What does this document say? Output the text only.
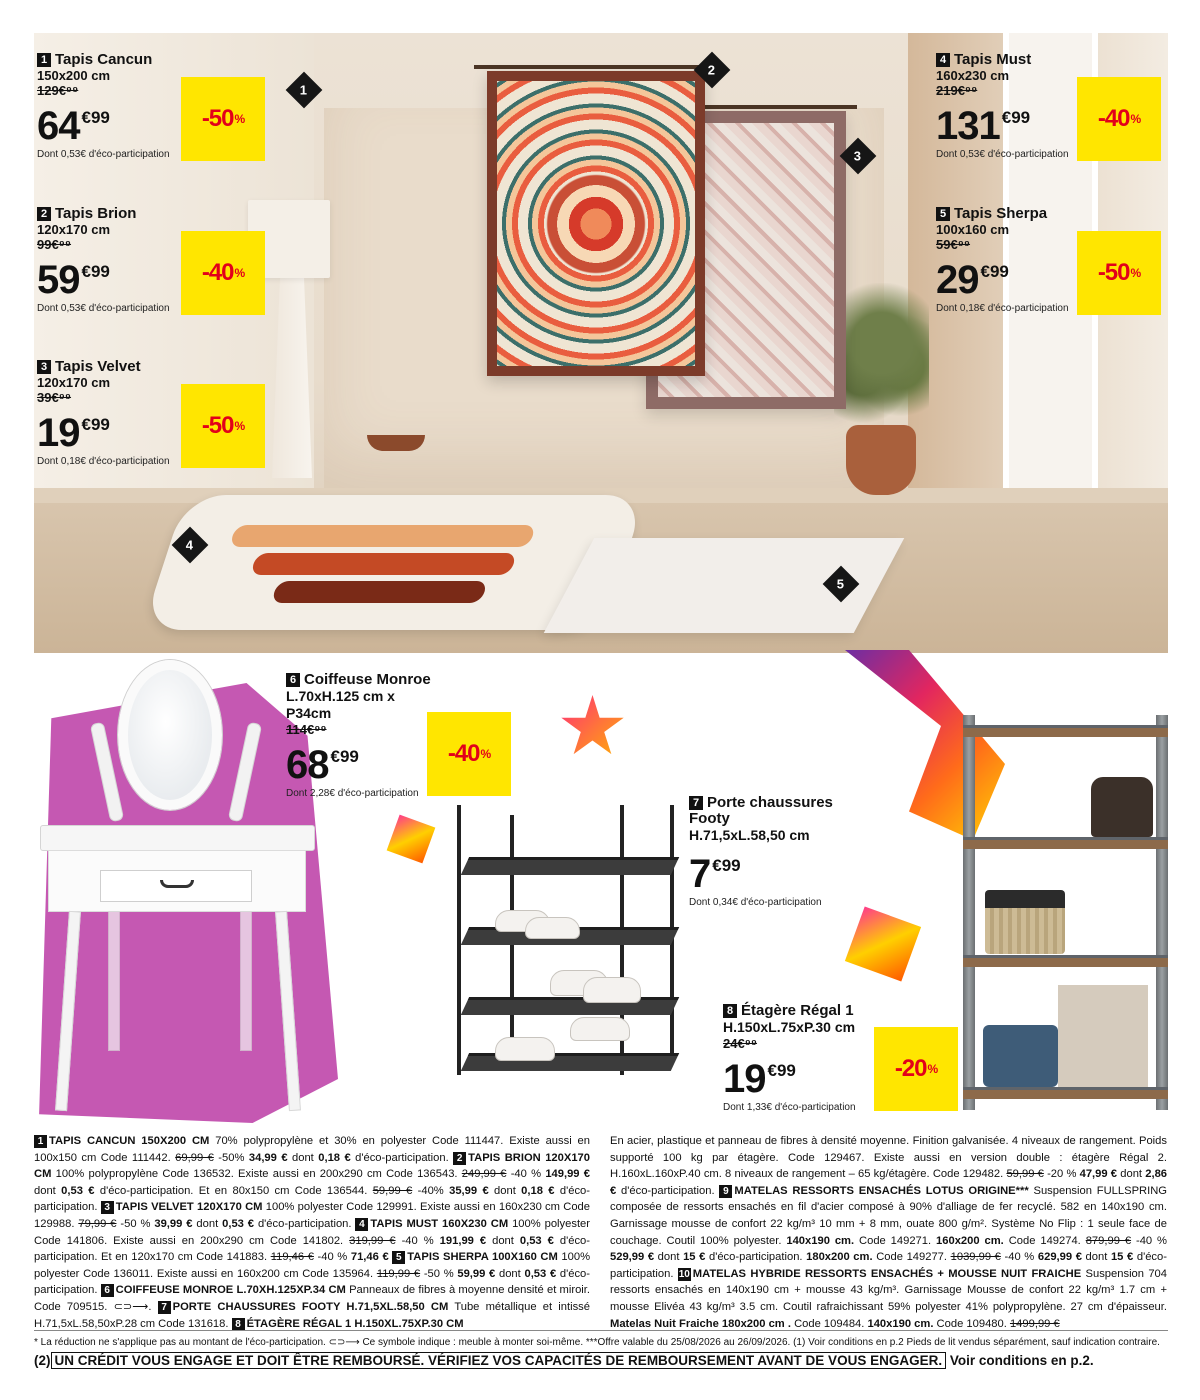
1
2
3
4
5
1 Tapis Cancun
150x200 cm
129€⁹⁹
64 $^{€99}$
Dont 0,53€ d'éco-participation
-50 %
2 Tapis Brion
120x170 cm
99€⁹⁹
59 $^{€99}$
Dont 0,53€ d'éco-participation
-40 %
3 Tapis Velvet
120x170 cm
39€⁹⁹
19 $^{€99}$
Dont 0,18€ d'éco-participation
-50 %
4 Tapis Must
160x230 cm
219€⁹⁹
131 $^{€99}$
Dont 0,53€ d'éco-participation
-40 %
5 Tapis Sherpa
100x160 cm
59€⁹⁹
29 $^{€99}$
Dont 0,18€ d'éco-participation
-50 %
6 Coiffeuse Monroe
L.70xH.125 cm x P34cm
114€⁹⁹
68 $^{€99}$
Dont 2,28€ d'éco-participation
-40 %
7 Porte chaussures Footy
H.71,5xL.58,50 cm
7 $^{€99}$
Dont 0,34€ d'éco-participation
8 Étagère Régal 1
H.150xL.75xP.30 cm
24€⁹⁹
19 $^{€99}$
Dont 1,33€ d'éco-participation
-20 %
1 TAPIS CANCUN 150X200 CM 70% polypropylène et 30% en polyester Code 111447. Existe aussi en 100x150 cm Code 111442. 69,99 € -50% 34,99 € dont 0,18 € d'éco-participation. 2 TAPIS BRION 120X170 CM 100% polypropylène Code 136532. Existe aussi en 200x290 cm Code 136543. 249,99 € -40 % 149,99 € dont 0,53 € d'éco-participation. Et en 80x150 cm Code 136544. 59,99 € -40% 35,99 € dont 0,18 € d'éco-participation. 3 TAPIS VELVET 120X170 CM 100% polyester Code 129991. Existe aussi en 160x230 cm Code 129988. 79,99 € -50 % 39,99 € dont 0,53 € d'éco-participation. 4 TAPIS MUST 160X230 CM 100% polyester Code 141806. Existe aussi en 200x290 cm Code 141802. 319,99 € -40 % 191,99 € dont 0,53 € d'éco-participation. Et en 120x170 cm Code 141883. 119,46 € -40 % 71,46 € 5 TAPIS SHERPA 100X160 CM 100% polyester Code 136011. Existe aussi en 160x200 cm Code 135964. 119,99 € -50 % 59,99 € dont 0,53 € d'éco-participation. 6 COIFFEUSE MONROE L.70XH.125XP.34 CM Panneaux de fibres à moyenne densité et miroir. Code 709515. ⊂⊃⟶. 7 PORTE CHAUSSURES FOOTY H.71,5XL.58,50 CM Tube métallique et intissé H.71,5xL.58,50xP.28 cm Code 131618. 8 ÉTAGÈRE RÉGAL 1 H.150XL.75XP.30 CM
En acier, plastique et panneau de fibres à densité moyenne. Finition galvanisée. 4 niveaux de rangement. Poids supporté 100 kg par étagère. Code 129467. Existe aussi en version double : étagère Régal 2. H.160xL.160xP.40 cm. 8 niveaux de rangement – 65 kg/étagère. Code 129482. 59,99 € -20 % 47,99 € dont 2,86 € d'éco-participation. 9 MATELAS RESSORTS ENSACHÉS LOTUS ORIGINE*** Suspension FULLSPRING composée de ressorts ensachés en fil d'acier composé à 90% d'alliage de fer recyclé. 582 en 140x190 cm. Garnissage mousse de confort 22 kg/m³ 10 mm + 8 mm, ouate 800 g/m². Système No Flip : 1 seule face de couchage. Coutil 100% polyester. 140x190 cm. Code 149271. 160x200 cm. Code 149274. 879,99 € -40 % 529,99 € dont 15 € d'éco-participation. 180x200 cm. Code 149277. 1039,99 € -40 % 629,99 € dont 15 € d'éco-participation. 10 MATELAS HYBRIDE RESSORTS ENSACHÉS + MOUSSE NUIT FRAICHE Suspension 704 ressorts ensachés en 140x190 cm + mousse 43 kg/m³. Garnissage Mousse de confort 22 kg/m³ 1.7 cm + mousse Elivéa 43 kg/m³ 3.5 cm. Coutil rafraichissant 59% polyester 41% polypropylène. 27 cm d'épaisseur. Matelas Nuit Fraiche 180x200 cm . Code 109484. 140x190 cm. Code 109480. 1499,99 €
* La réduction ne s'applique pas au montant de l'éco-participation. ⊂⊃⟶ Ce symbole indique : meuble à monter soi-même. ***Offre valable du 25/08/2026 au 26/09/2026. (1) Voir conditions en p.2 Pieds de lit vendus séparément, sauf indication contraire.
(2) UN CRÉDIT VOUS ENGAGE ET DOIT ÊTRE REMBOURSÉ. VÉRIFIEZ VOS CAPACITÉS DE REMBOURSEMENT AVANT DE VOUS ENGAGER. Voir conditions en p.2.
